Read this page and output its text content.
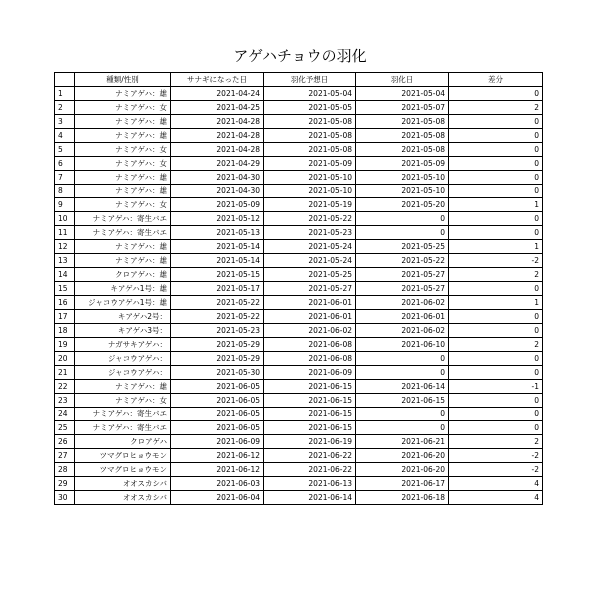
アゲハチョウの羽化
	種類/性別	サナギになった日	羽化予想日	羽化日	差分
1	ナミアゲハ：雄	2021-04-24	2021-05-04	2021-05-04	0
2	ナミアゲハ：女	2021-04-25	2021-05-05	2021-05-07	2
3	ナミアゲハ：雄	2021-04-28	2021-05-08	2021-05-08	0
4	ナミアゲハ：雄	2021-04-28	2021-05-08	2021-05-08	0
5	ナミアゲハ：女	2021-04-28	2021-05-08	2021-05-08	0
6	ナミアゲハ：女	2021-04-29	2021-05-09	2021-05-09	0
7	ナミアゲハ：雄	2021-04-30	2021-05-10	2021-05-10	0
8	ナミアゲハ：雄	2021-04-30	2021-05-10	2021-05-10	0
9	ナミアゲハ：女	2021-05-09	2021-05-19	2021-05-20	1
10	ナミアゲハ：寄生バエ	2021-05-12	2021-05-22	0	0
11	ナミアゲハ：寄生バエ	2021-05-13	2021-05-23	0	0
12	ナミアゲハ：雄	2021-05-14	2021-05-24	2021-05-25	1
13	ナミアゲハ：雄	2021-05-14	2021-05-24	2021-05-22	-2
14	クロアゲハ：雄	2021-05-15	2021-05-25	2021-05-27	2
15	キアゲハ1号：雄	2021-05-17	2021-05-27	2021-05-27	0
16	ジャコウアゲハ1号：雄	2021-05-22	2021-06-01	2021-06-02	1
17	キアゲハ2号：	2021-05-22	2021-06-01	2021-06-01	0
18	キアゲハ3号：	2021-05-23	2021-06-02	2021-06-02	0
19	ナガサキアゲハ：	2021-05-29	2021-06-08	2021-06-10	2
20	ジャコウアゲハ：	2021-05-29	2021-06-08	0	0
21	ジャコウアゲハ：	2021-05-30	2021-06-09	0	0
22	ナミアゲハ：雄	2021-06-05	2021-06-15	2021-06-14	-1
23	ナミアゲハ：女	2021-06-05	2021-06-15	2021-06-15	0
24	ナミアゲハ：寄生バエ	2021-06-05	2021-06-15	0	0
25	ナミアゲハ：寄生バエ	2021-06-05	2021-06-15	0	0
26	クロアゲハ	2021-06-09	2021-06-19	2021-06-21	2
27	ツマグロヒョウモン	2021-06-12	2021-06-22	2021-06-20	-2
28	ツマグロヒョウモン	2021-06-12	2021-06-22	2021-06-20	-2
29	オオスカシバ	2021-06-03	2021-06-13	2021-06-17	4
30	オオスカシバ	2021-06-04	2021-06-14	2021-06-18	4
